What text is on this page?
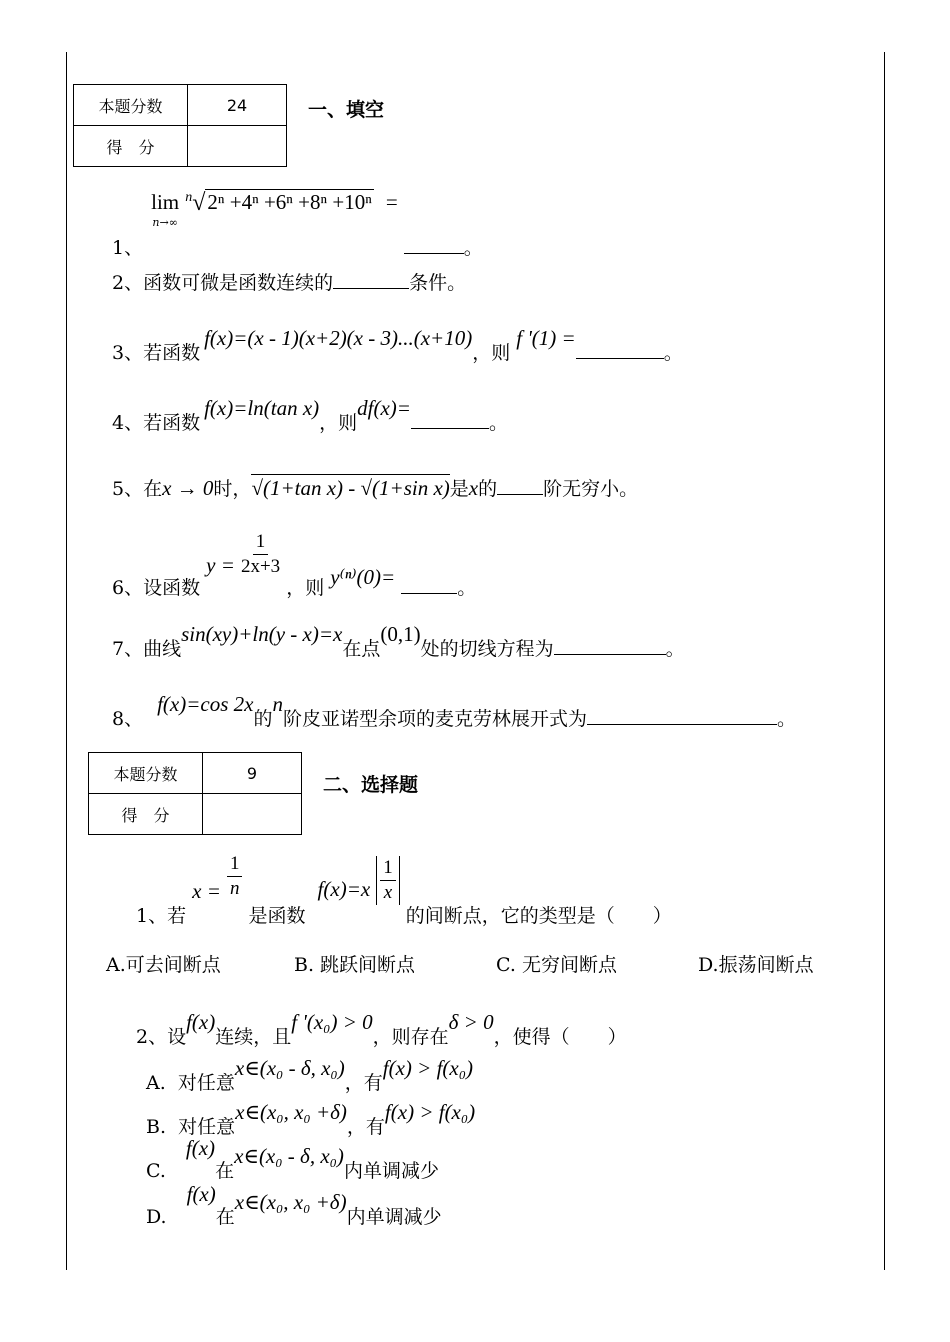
本题分数	24
得　分	
一、填空
1、 lim
$^{n\to\infty}$ $^n$√2ⁿ +4ⁿ +6ⁿ +8ⁿ +10ⁿ = 。
2、函数可微是函数连续的	条件。
3、若函数f(x)=(x - 1)(x+2)(x - 3)...(x+10)，则f '(1) =。
4、若函数f(x)=ln(tan x)，则df(x)=。
5、在x → 0时，√(1+tan x) - √(1+sin x)是x的 阶无穷小。
6、设函数 $y = \frac{1}{2x+3}$
，则 y⁽ⁿ⁾(0)=	。
7、曲线sin(xy)+ln(y - x)=x在点(0,1)处的切线方程为	。
8、f(x)=cos 2x的n阶皮亚诺型余项的麦克劳林展开式为	。
本题分数	9
得　分	
二、选择题
1、若 $x = \frac{1}{n}$
是函数 $f(x)=x \frac{1}{x}$
的间断点，它的类型是（　　）
A.可去间断点	B. 跳跃间断点	C. 无穷间断点	D.振荡间断点
2、设f(x)连续，且f '(x₀) > 0，则存在δ > 0，使得（　　）
A. 对任意x∈(x₀ - δ, x₀)，有f(x) > f(x₀)
B. 对任意x∈(x₀, x₀ +δ)，有f(x) > f(x₀)
C.f(x)在x∈(x₀ - δ, x₀)内单调减少
D.f(x)在x∈(x₀, x₀ +δ)内单调减少
